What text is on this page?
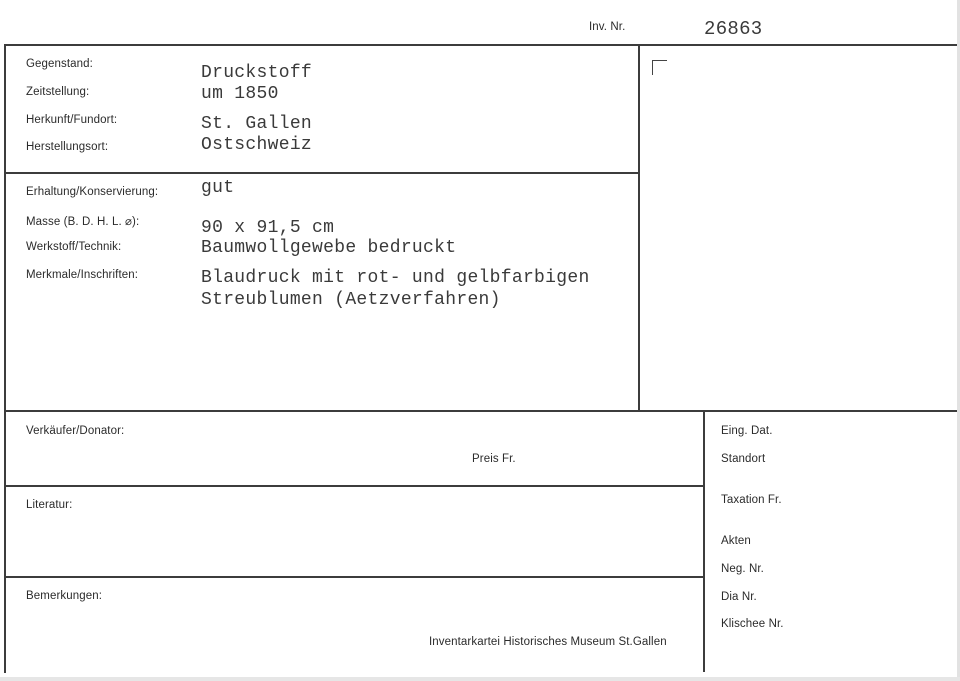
Inv. Nr.	26863
Gegenstand:	Druckstoff
Zeitstellung:	um 1850
Herkunft/Fundort:	St. Gallen
Herstellungsort:	Ostschweiz
Erhaltung/Konservierung: gut
Masse (B. D. H. L. ⌀):	90 x 91,5 cm
Werkstoff/Technik:	Baumwollgewebe bedruckt
Merkmale/Inschriften:	Blaudruck mit rot- und gelbfarbigen
Streublumen (Aetzverfahren)
Verkäufer/Donator:
Preis Fr.
Literatur:
Bemerkungen:
Inventarkartei Historisches Museum St.Gallen
Eing. Dat.
Standort
Taxation Fr.
Akten
Neg. Nr.
Dia Nr.
Klischee Nr.
